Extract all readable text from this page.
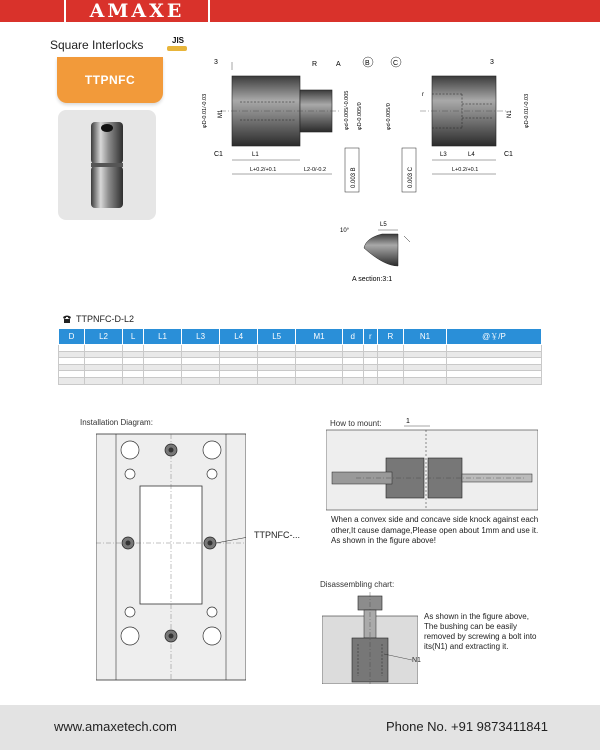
AMAXE
Square Interlocks	JIS
TTPNFC
3	R	A	B
φD-0.01/-0.03 M1	φd-0.005/-0.005 φD-0.005/0
C1	L1
L+0.2/+0.1	L2-0/-0.2	0.003 B
C	3
r
φd-0.005/0	N1 φD-0.01/-0.03
0.003 C
L3	L4	C1
L+0.2/+0.1
L5
10°
A section:3:1
TTPNFC-D-L2
D	L2	L	L1	L3	L4	L5	M1	d	r	R	N1	@￥/P

Installation Diagram:
TTPNFC-...
How to mount:	1
When a convex side and concave side knock against each other,It cause damage,Please open about 1mm and use it. As shown in the figure above!
Disassembling chart:
N1
As shown in the figure above, The bushing can be easily removed by screwing a bolt into its(N1) and extracting it.
www.amaxetech.com	Phone No. +91 9873411841
